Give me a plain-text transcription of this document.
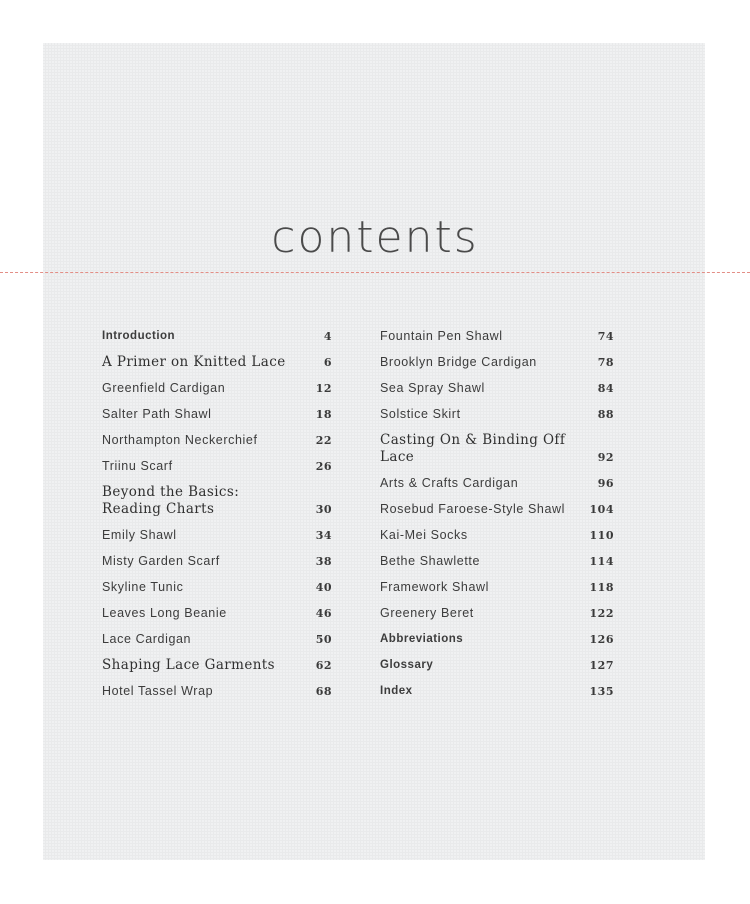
contents
Introduction	4
A Primer on Knitted Lace	6
Greenfield Cardigan	12
Salter Path Shawl	18
Northampton Neckerchief	22
Triinu Scarf	26
Beyond the Basics: Reading Charts	30
Emily Shawl	34
Misty Garden Scarf	38
Skyline Tunic	40
Leaves Long Beanie	46
Lace Cardigan	50
Shaping Lace Garments	62
Hotel Tassel Wrap	68
Fountain Pen Shawl	74
Brooklyn Bridge Cardigan	78
Sea Spray Shawl	84
Solstice Skirt	88
Casting On & Binding Off Lace	92
Arts & Crafts Cardigan	96
Rosebud Faroese-Style Shawl 104
Kai-Mei Socks	110
Bethe Shawlette	114
Framework Shawl	118
Greenery Beret	122
Abbreviations	126
Glossary	127
Index	135
